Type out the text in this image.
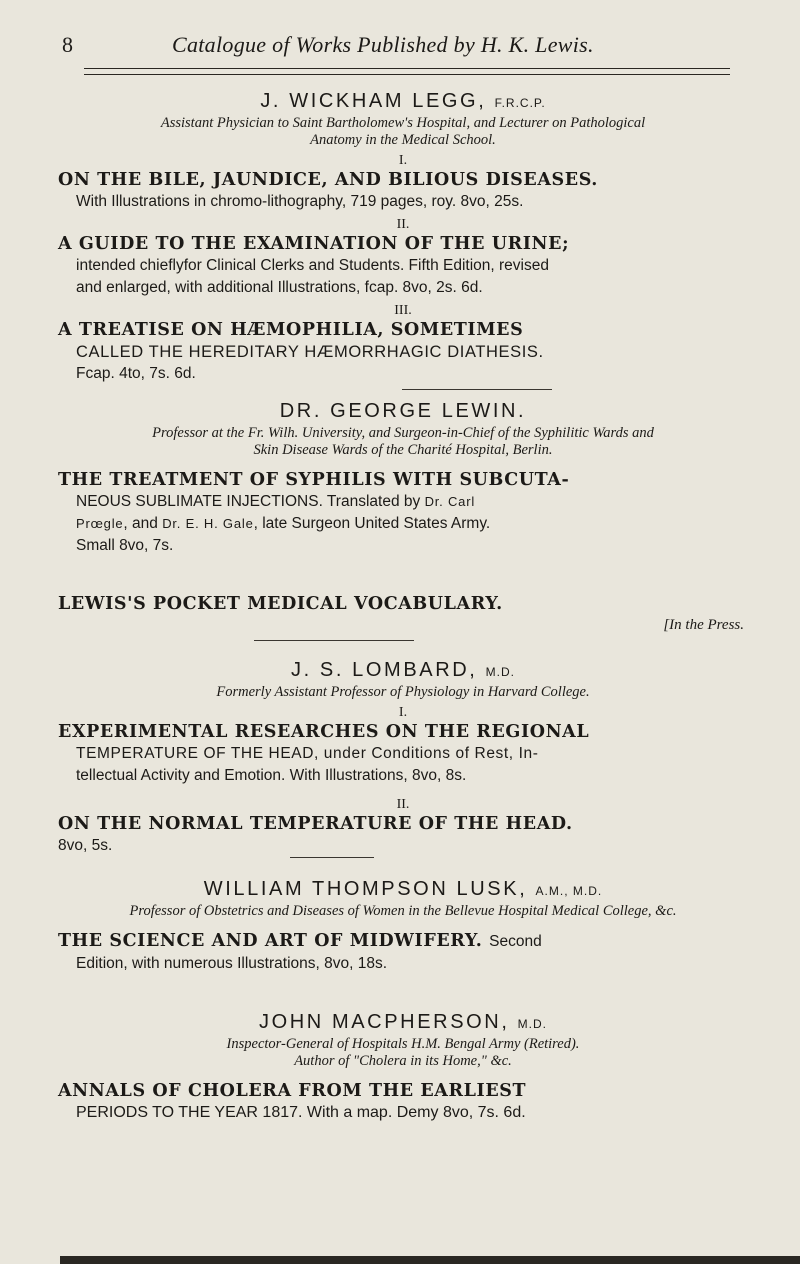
8	Catalogue of Works Published by H. K. Lewis.

J. WICKHAM LEGG, F.R.C.P.

Assistant Physician to Saint Bartholomew's Hospital, and Lecturer on Pathological

Anatomy in the Medical School.

I.

ON THE BILE, JAUNDICE, AND BILIOUS DISEASES.

With Illustrations in chromo-lithography, 719 pages, roy. 8vo, 25s.

II.

A GUIDE TO THE EXAMINATION OF THE URINE;

intended chieflyfor Clinical Clerks and Students. Fifth Edition, revised

and enlarged, with additional Illustrations, fcap. 8vo, 2s. 6d.

III.

A TREATISE ON HÆMOPHILIA, SOMETIMES

CALLED THE HEREDITARY HÆMORRHAGIC DIATHESIS.

Fcap. 4to, 7s. 6d.

DR. GEORGE LEWIN.

Professor at the Fr. Wilh. University, and Surgeon-in-Chief of the Syphilitic Wards and

Skin Disease Wards of the Charité Hospital, Berlin.

THE TREATMENT OF SYPHILIS WITH SUBCUTA-

NEOUS SUBLIMATE INJECTIONS. Translated by Dr. Carl

Prœgle, and Dr. E. H. Gale, late Surgeon United States Army.

Small 8vo, 7s.

LEWIS'S POCKET MEDICAL VOCABULARY.

[In the Press.

J. S. LOMBARD, M.D.

Formerly Assistant Professor of Physiology in Harvard College.

I.

EXPERIMENTAL RESEARCHES ON THE REGIONAL

TEMPERATURE OF THE HEAD, under Conditions of Rest, In-

tellectual Activity and Emotion. With Illustrations, 8vo, 8s.

II.

ON THE NORMAL TEMPERATURE OF THE HEAD.

8vo, 5s.

WILLIAM THOMPSON LUSK, A.M., M.D.

Professor of Obstetrics and Diseases of Women in the Bellevue Hospital Medical College, &c.

THE SCIENCE AND ART OF MIDWIFERY. Second

Edition, with numerous Illustrations, 8vo, 18s.

JOHN MACPHERSON, M.D.

Inspector-General of Hospitals H.M. Bengal Army (Retired).

Author of "Cholera in its Home," &c.

ANNALS OF CHOLERA FROM THE EARLIEST

PERIODS TO THE YEAR 1817. With a map. Demy 8vo, 7s. 6d.
